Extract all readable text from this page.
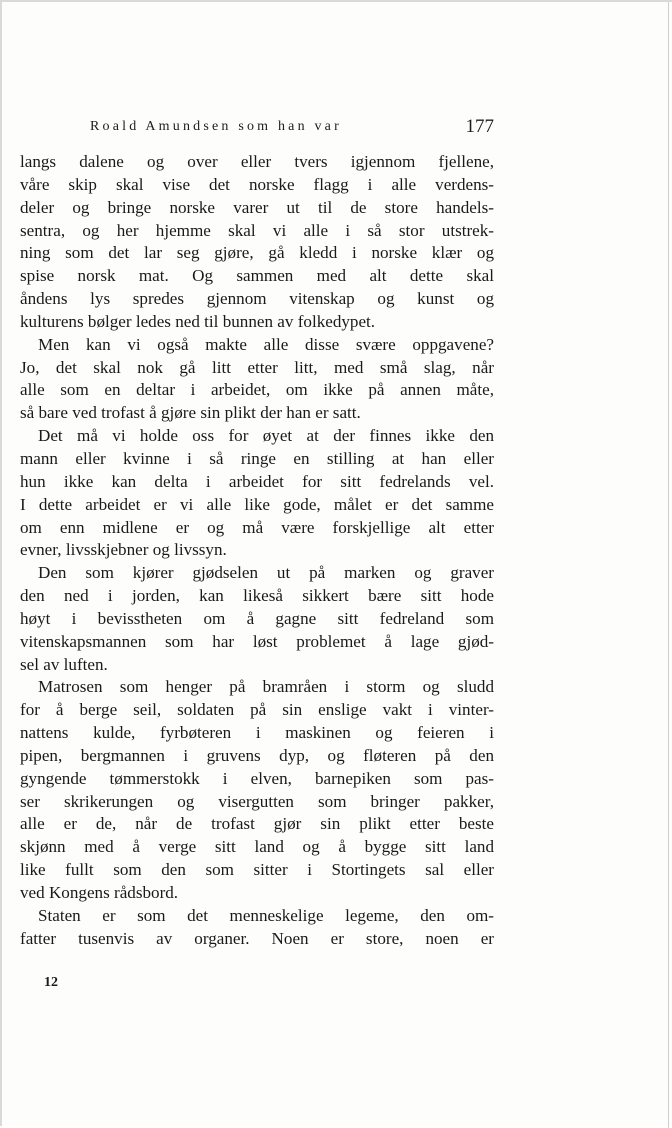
Roald Amundsen som han var	177
langs dalene og over eller tvers igjennom fjellene,
våre skip skal vise det norske flagg i alle verdens-
deler og bringe norske varer ut til de store handels-
sentra, og her hjemme skal vi alle i så stor utstrek-
ning som det lar seg gjøre, gå kledd i norske klær og
spise norsk mat. Og sammen med alt dette skal
åndens lys spredes gjennom vitenskap og kunst og
kulturens bølger ledes ned til bunnen av folkedypet.
Men kan vi også makte alle disse svære oppgavene?
Jo, det skal nok gå litt etter litt, med små slag, når
alle som en deltar i arbeidet, om ikke på annen måte,
så bare ved trofast å gjøre sin plikt der han er satt.
Det må vi holde oss for øyet at der finnes ikke den
mann eller kvinne i så ringe en stilling at han eller
hun ikke kan delta i arbeidet for sitt fedrelands vel.
I dette arbeidet er vi alle like gode, målet er det samme
om enn midlene er og må være forskjellige alt etter
evner, livsskjebner og livssyn.
Den som kjører gjødselen ut på marken og graver
den ned i jorden, kan likeså sikkert bære sitt hode
høyt i bevisstheten om å gagne sitt fedreland som
vitenskapsmannen som har løst problemet å lage gjød-
sel av luften.
Matrosen som henger på bramråen i storm og sludd
for å berge seil, soldaten på sin enslige vakt i vinter-
nattens kulde, fyrbøteren i maskinen og feieren i
pipen, bergmannen i gruvens dyp, og fløteren på den
gyngende tømmerstokk i elven, barnepiken som pas-
ser skrikerungen og visergutten som bringer pakker,
alle er de, når de trofast gjør sin plikt etter beste
skjønn med å verge sitt land og å bygge sitt land
like fullt som den som sitter i Stortingets sal eller
ved Kongens rådsbord.
Staten er som det menneskelige legeme, den om-
fatter tusenvis av organer. Noen er store, noen er
12
